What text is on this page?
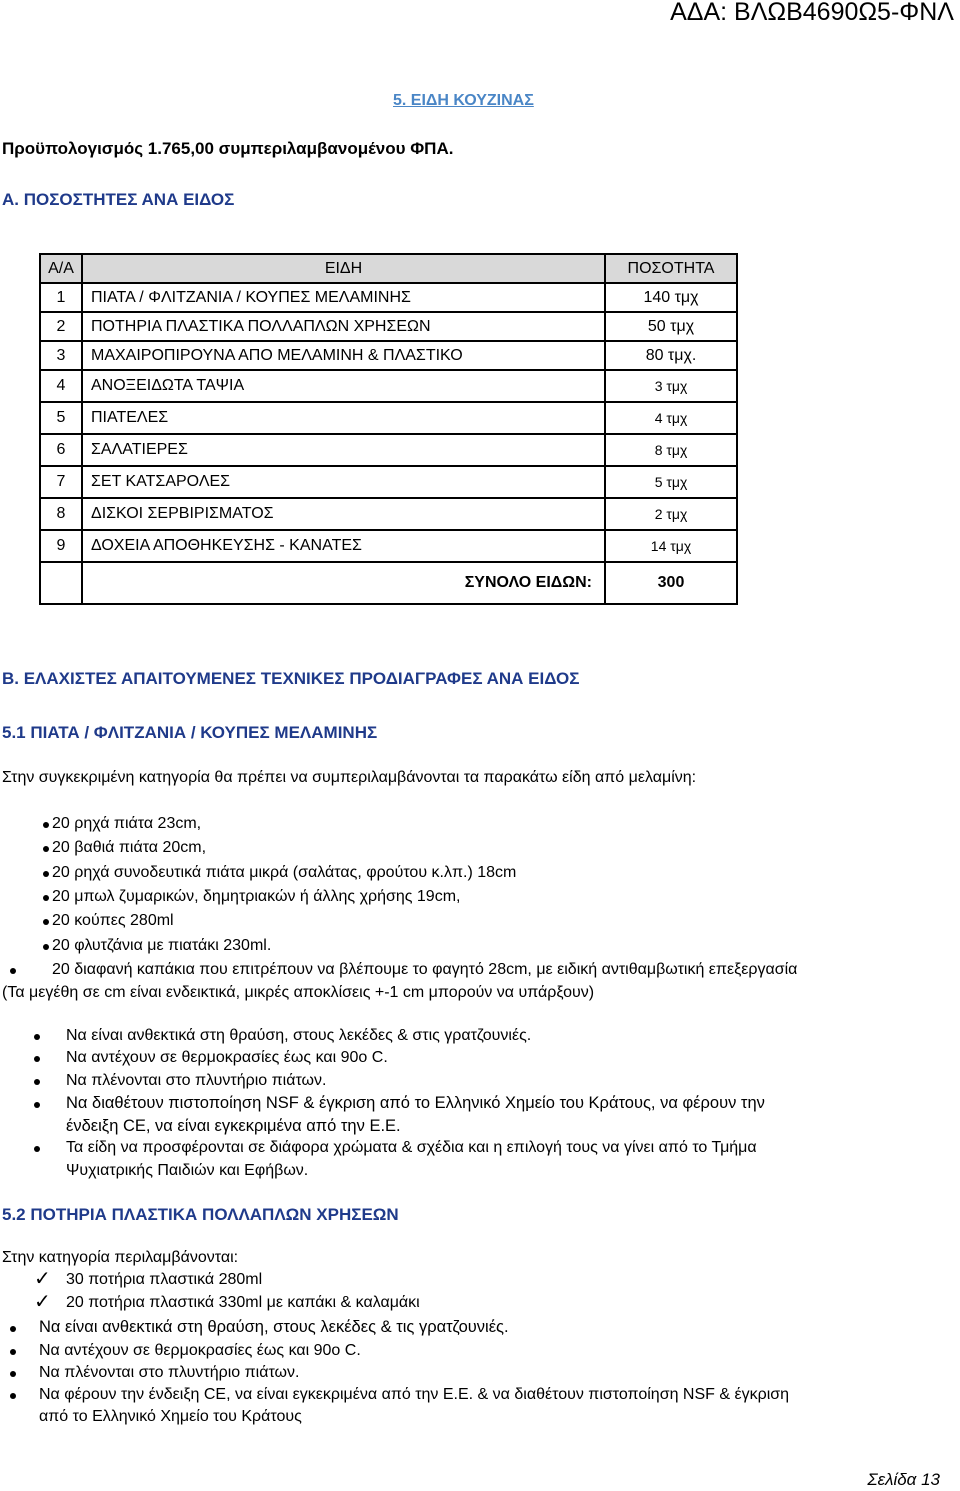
ΑΔΑ: ΒΛΩΒ4690Ω5-ΦΝΛ
5. ΕΙΔΗ ΚΟΥΖΙΝΑΣ
Προϋπολογισμός 1.765,00 συμπεριλαμβανομένου ΦΠΑ.
Α. ΠΟΣΟΣΤΗΤΕΣ ΑΝΑ ΕΙΔΟΣ
Α/Α	ΕΙΔΗ	ΠΟΣΟΤΗΤΑ
1	ΠΙΑΤΑ / ΦΛΙΤΖΑΝΙΑ / ΚΟΥΠΕΣ ΜΕΛΑΜΙΝΗΣ	140 τμχ
2	ΠΟΤΗΡΙΑ ΠΛΑΣΤΙΚΑ ΠΟΛΛΑΠΛΩΝ ΧΡΗΣΕΩΝ	50 τμχ
3	ΜΑΧΑΙΡΟΠΙΡΟΥΝΑ ΑΠΟ ΜΕΛΑΜΙΝΗ & ΠΛΑΣΤΙΚΟ	80 τμχ.
4	ΑΝΟΞΕΙΔΩΤΑ ΤΑΨΙΑ	3 τμχ
5	ΠΙΑΤΕΛΕΣ	4 τμχ
6	ΣΑΛΑΤΙΕΡΕΣ	8 τμχ
7	ΣΕΤ ΚΑΤΣΑΡΟΛΕΣ	5 τμχ
8	ΔΙΣΚΟΙ ΣΕΡΒΙΡΙΣΜΑΤΟΣ	2 τμχ
9	ΔΟΧΕΙΑ ΑΠΟΘΗΚΕΥΣΗΣ - ΚΑΝΑΤΕΣ	14 τμχ
	ΣΥΝΟΛΟ ΕΙΔΩΝ:	300
Β. ΕΛΑΧΙΣΤΕΣ ΑΠΑΙΤΟΥΜΕΝΕΣ ΤΕΧΝΙΚΕΣ ΠΡΟΔΙΑΓΡΑΦΕΣ ΑΝΑ ΕΙΔΟΣ
5.1 ΠΙΑΤΑ / ΦΛΙΤΖΑΝΙΑ / ΚΟΥΠΕΣ ΜΕΛΑΜΙΝΗΣ
Στην συγκεκριμένη κατηγορία θα πρέπει να συμπεριλαμβάνονται τα παρακάτω είδη από μελαμίνη:
20 ρηχά πιάτα 23cm,
20 βαθιά πιάτα 20cm,
20 ρηχά συνοδευτικά πιάτα μικρά (σαλάτας, φρούτου κ.λπ.) 18cm
20 μπωλ ζυμαρικών, δημητριακών ή άλλης χρήσης 19cm,
20 κούπες 280ml
20 φλυτζάνια με πιατάκι 230ml.
20 διαφανή καπάκια που επιτρέπουν να βλέπουμε το φαγητό 28cm, με ειδική αντιθαμβωτική επεξεργασία
(Τα μεγέθη σε cm είναι ενδεικτικά, μικρές αποκλίσεις +-1 cm μπορούν να υπάρξουν)
Να είναι ανθεκτικά στη θραύση, στους λεκέδες & στις γρατζουνιές.
Να αντέχουν σε θερμοκρασίες έως και 90ο C.
Να πλένονται στο πλυντήριο πιάτων.
Να διαθέτουν πιστοποίηση NSF & έγκριση από το Ελληνικό Χημείο του Κράτους, να φέρουν την
ένδειξη CE, να είναι εγκεκριμένα από την Ε.Ε.
Τα είδη να προσφέρονται σε διάφορα χρώματα & σχέδια και η επιλογή τους να γίνει από το Τμήμα
Ψυχιατρικής Παιδιών και Εφήβων.
5.2 ΠΟΤΗΡΙΑ ΠΛΑΣΤΙΚΑ ΠΟΛΛΑΠΛΩΝ ΧΡΗΣΕΩΝ
Στην κατηγορία περιλαμβάνονται:
✓ 30 ποτήρια πλαστικά 280ml
✓ 20 ποτήρια πλαστικά 330ml με καπάκι & καλαμάκι
Να είναι ανθεκτικά στη θραύση, στους λεκέδες & τις γρατζουνιές.
Να αντέχουν σε θερμοκρασίες έως και 90ο C.
Να πλένονται στο πλυντήριο πιάτων.
Να φέρουν την ένδειξη CE, να είναι εγκεκριμένα από την Ε.Ε. & να διαθέτουν πιστοποίηση NSF & έγκριση
από το Ελληνικό Χημείο του Κράτους
Σελίδα 13
